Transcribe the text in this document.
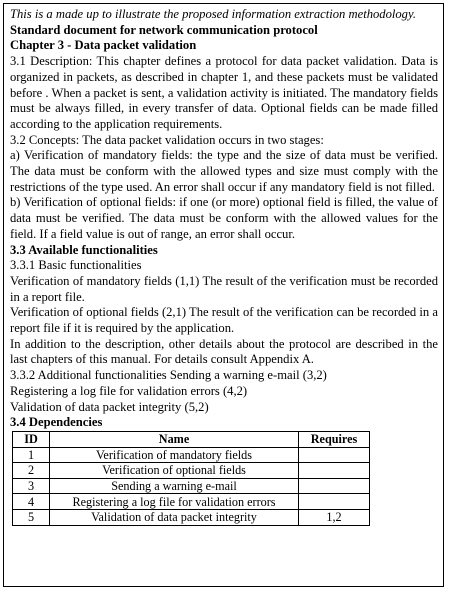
This is a made up to illustrate the proposed information extraction methodology.

Standard document for network communication protocol

Chapter 3 - Data packet validation

3.1 Description: This chapter defines a protocol for data packet validation. Data is organized in packets, as described in chapter 1, and these packets must be validated before . When a packet is sent, a validation activity is initiated. The mandatory fields must be always filled, in every transfer of data. Optional fields can be made filled according to the application requirements.

3.2 Concepts: The data packet validation occurs in two stages:

a) Verification of mandatory fields: the type and the size of data must be verified. The data must be conform with the allowed types and size must comply with the restrictions of the type used. An error shall occur if any mandatory field is not filled.

b) Verification of optional fields: if one (or more) optional field is filled, the value of data must be verified. The data must be conform with the allowed values for the field. If a field value is out of range, an error shall occur.

3.3 Available functionalities

3.3.1 Basic functionalities

Verification of mandatory fields (1,1) The result of the verification must be recorded in a report file.

Verification of optional fields (2,1) The result of the verification can be recorded in a report file if it is required by the application.

In addition to the description, other details about the protocol are described in the last chapters of this manual. For details consult Appendix A.

3.3.2 Additional functionalities Sending a warning e-mail (3,2)

Registering a log file for validation errors (4,2)

Validation of data packet integrity (5,2)

3.4 Dependencies

ID	Name	Requires
1	Verification of mandatory fields	
2	Verification of optional fields	
3	Sending a warning e-mail	
4	Registering a log file for validation errors	
5	Validation of data packet integrity	1,2
